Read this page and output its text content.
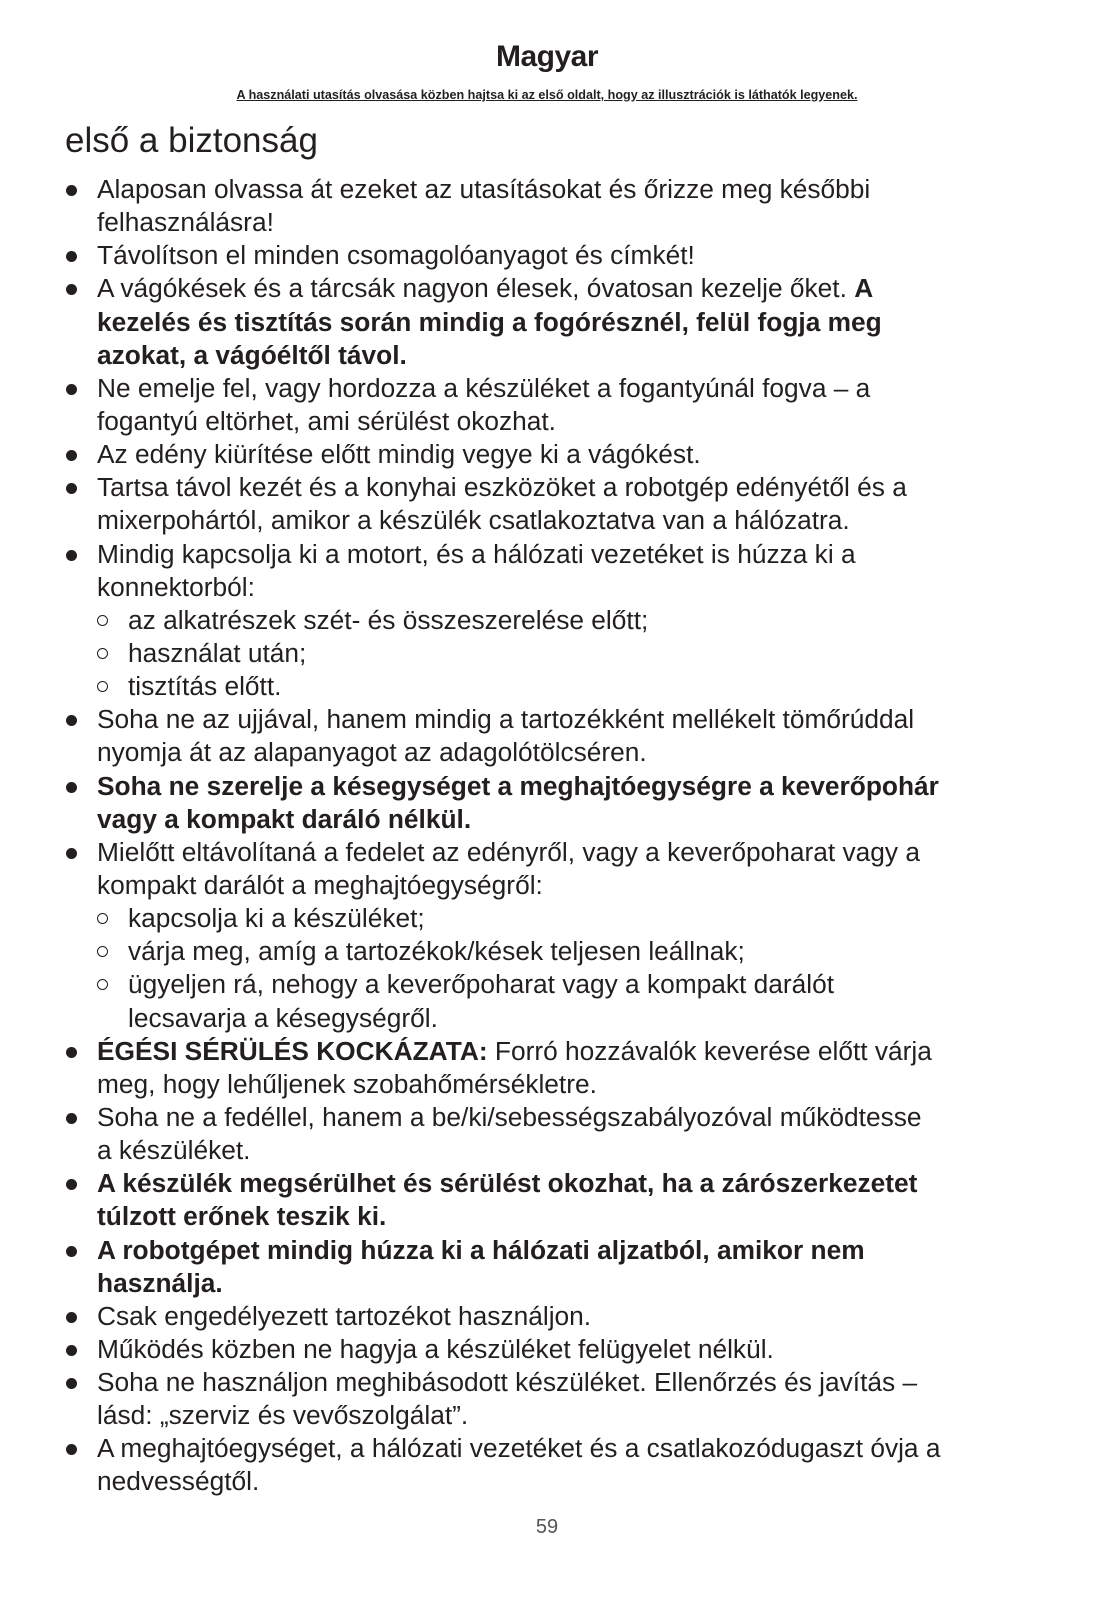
Magyar
A használati utasítás olvasása közben hajtsa ki az első oldalt, hogy az illusztrációk is láthatók legyenek.
első a biztonság
Alaposan olvassa át ezeket az utasításokat és őrizze meg későbbi
felhasználásra!
Távolítson el minden csomagolóanyagot és címkét!
A vágókések és a tárcsák nagyon élesek, óvatosan kezelje őket. A
kezelés és tisztítás során mindig a fogórésznél, felül fogja meg
azokat, a vágóéltől távol.
Ne emelje fel, vagy hordozza a készüléket a fogantyúnál fogva – a
fogantyú eltörhet, ami sérülést okozhat.
Az edény kiürítése előtt mindig vegye ki a vágókést.
Tartsa távol kezét és a konyhai eszközöket a robotgép edényétől és a
mixerpohártól, amikor a készülék csatlakoztatva van a hálózatra.
Mindig kapcsolja ki a motort, és a hálózati vezetéket is húzza ki a
konnektorból:
az alkatrészek szét- és összeszerelése előtt;
használat után;
tisztítás előtt.
Soha ne az ujjával, hanem mindig a tartozékként mellékelt tömőrúddal
nyomja át az alapanyagot az adagolótölcséren.
Soha ne szerelje a késegységet a meghajtóegységre a keverőpohár
vagy a kompakt daráló nélkül.
Mielőtt eltávolítaná a fedelet az edényről, vagy a keverőpoharat vagy a
kompakt darálót a meghajtóegységről:
kapcsolja ki a készüléket;
várja meg, amíg a tartozékok/kések teljesen leállnak;
ügyeljen rá, nehogy a keverőpoharat vagy a kompakt darálót
lecsavarja a késegységről.
ÉGÉSI SÉRÜLÉS KOCKÁZATA: Forró hozzávalók keverése előtt várja
meg, hogy lehűljenek szobahőmérsékletre.
Soha ne a fedéllel, hanem a be/ki/sebességszabályozóval működtesse
a készüléket.
A készülék megsérülhet és sérülést okozhat, ha a zárószerkezetet
túlzott erőnek teszik ki.
A robotgépet mindig húzza ki a hálózati aljzatból, amikor nem
használja.
Csak engedélyezett tartozékot használjon.
Működés közben ne hagyja a készüléket felügyelet nélkül.
Soha ne használjon meghibásodott készüléket. Ellenőrzés és javítás –
lásd: „szerviz és vevőszolgálat”.
A meghajtóegységet, a hálózati vezetéket és a csatlakozódugaszt óvja a
nedvességtől.
59
